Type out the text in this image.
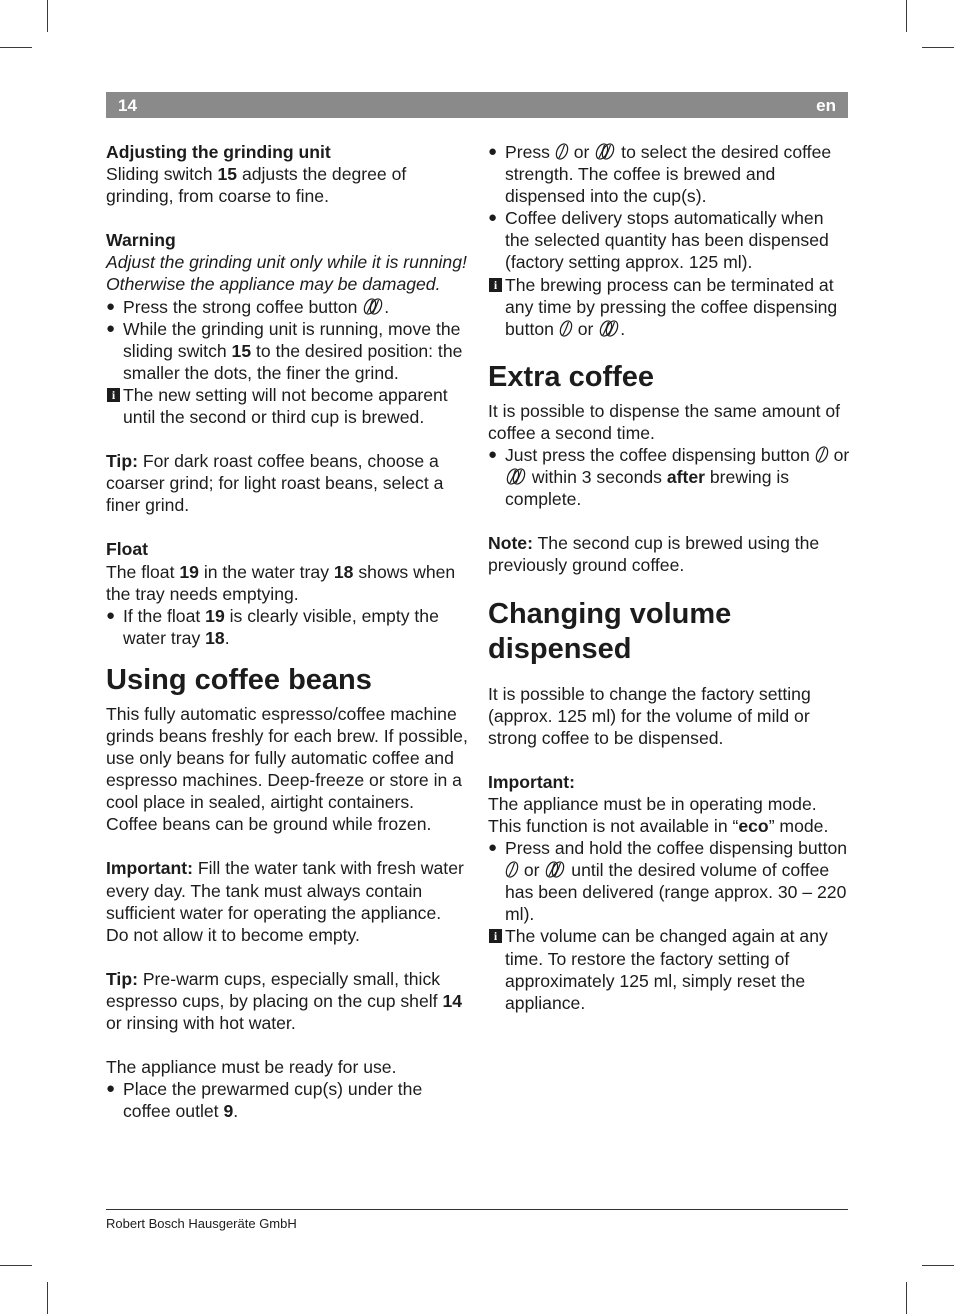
14	en

Adjusting the grinding unit

Sliding switch 15 adjusts the degree of grinding, from coarse to fine.

Warning

Adjust the grinding unit only while it is running! Otherwise the appliance may be damaged.

● Press the strong coffee button .
● While the grinding unit is running, move the sliding switch 15 to the desired position: the smaller the dots, the finer the grind.
i The new setting will not become apparent until the second or third cup is brewed.

Tip: For dark roast coffee beans, choose a coarser grind; for light roast beans, select a finer grind.

Float

The float 19 in the water tray 18 shows when the tray needs emptying.

● If the float 19 is clearly visible, empty the water tray 18.
Using coffee beans

This fully automatic espresso/coffee machine grinds beans freshly for each brew. If possible, use only beans for fully automatic coffee and espresso machines. Deep-freeze or store in a cool place in sealed, airtight containers. Coffee beans can be ground while frozen.

Important: Fill the water tank with fresh water every day. The tank must always contain sufficient water for operating the appliance. Do not allow it to become empty.

Tip: Pre-warm cups, especially small, thick espresso cups, by placing on the cup shelf 14 or rinsing with hot water.

The appliance must be ready for use.

● Place the prewarmed cup(s) under the coffee outlet 9.
● Press  or  to select the desired coffee strength. The coffee is brewed and dispensed into the cup(s).
● Coffee delivery stops automatically when the selected quantity has been dispensed (factory setting approx. 125 ml).
i The brewing process can be terminated at any time by pressing the coffee dispensing button  or .
Extra coffee

It is possible to dispense the same amount of coffee a second time.

● Just press the coffee dispensing button  or  within 3 seconds after brewing is complete.

Note: The second cup is brewed using the previously ground coffee.

Changing volume dispensed

It is possible to change the factory setting (approx. 125 ml) for the volume of mild or strong coffee to be dispensed.

Important:

The appliance must be in operating mode.

This function is not available in “eco” mode.

● Press and hold the coffee dispensing button  or  until the desired volume of coffee has been delivered (range approx. 30 – 220 ml).
i The volume can be changed again at any time. To restore the factory setting of approximately 125 ml, simply reset the appliance.
Robert Bosch Hausgeräte GmbH
